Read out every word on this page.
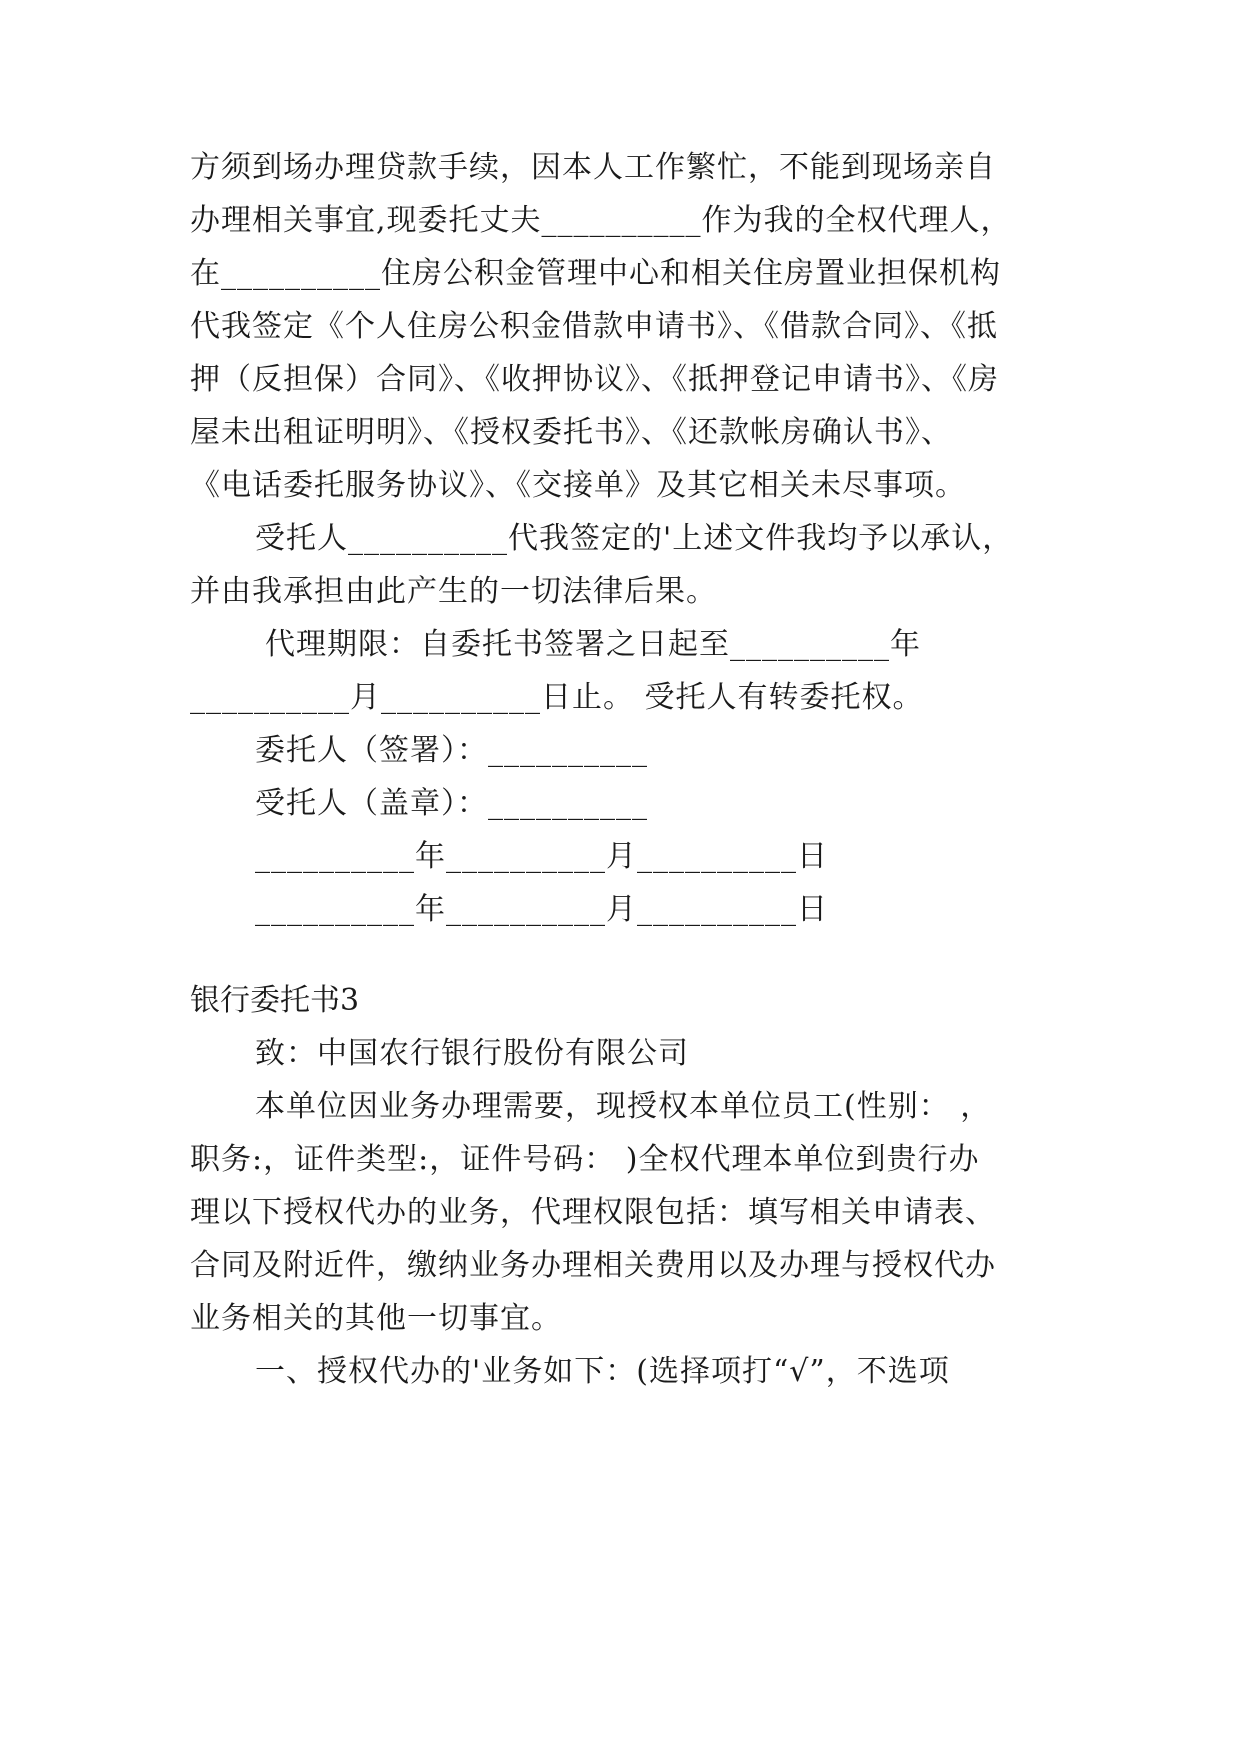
方须到场办理贷款手续，因本人工作繁忙，不能到现场亲自
办理相关事宜,现委托丈夫__________作为我的全权代理人，
在__________住房公积金管理中心和相关住房置业担保机构
代我签定《个人住房公积金借款申请书》、《借款合同》、《抵
押（反担保）合同》、《收押协议》、《抵押登记申请书》、《房
屋未出租证明明》、《授权委托书》、《还款帐房确认书》、
《电话委托服务协议》、《交接单》及其它相关未尽事项。
受托人__________代我签定的'上述文件我均予以承认，
并由我承担由此产生的一切法律后果。
代理期限：自委托书签署之日起至__________年
__________月__________日止。 受托人有转委托权。
委托人（签署）：__________
受托人（盖章）：__________
__________年__________月__________日
__________年__________月__________日
银行委托书3
致：中国农行银行股份有限公司
本单位因业务办理需要，现授权本单位员工(性别： ，
职务:，证件类型:，证件号码： )全权代理本单位到贵行办
理以下授权代办的业务，代理权限包括：填写相关申请表、
合同及附近件，缴纳业务办理相关费用以及办理与授权代办
业务相关的其他一切事宜。
一、授权代办的'业务如下：(选择项打“√”，不选项
